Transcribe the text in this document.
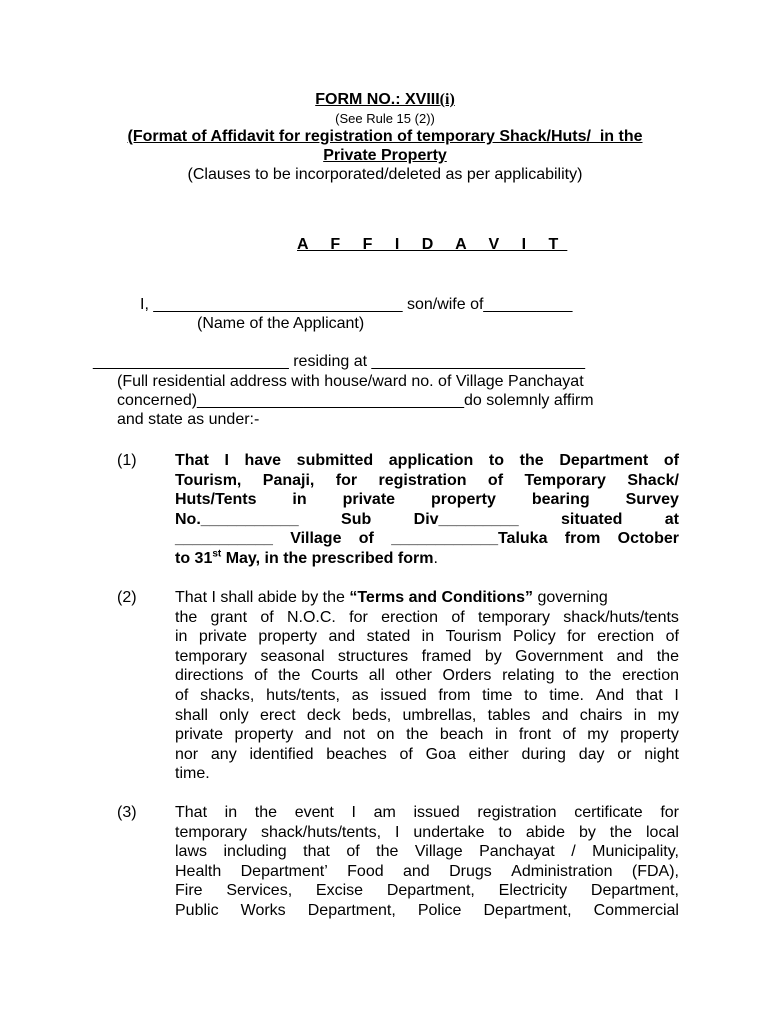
FORM NO.: XVIII(i)
(See Rule 15 (2))
(Format of Affidavit for registration of temporary Shack/Huts/  in the
Private Property
(Clauses to be incorporated/deleted as per applicability)
A F F I D A V I T
I, ____________________________ son/wife of__________
(Name of the Applicant)
______________________ residing at ________________________
(Full residential address with house/ward no. of Village Panchayat
concerned)______________________________do solemnly affirm
and state as under:-
(1) That I have submitted application to the Department of
Tourism, Panaji, for registration of Temporary Shack/
Huts/Tents in private property bearing Survey
No.___________	Sub	Div_________	situated	at
___________ Village of ____________Taluka from October
to 31st May, in the prescribed form.
(2) That I shall abide by the “Terms and Conditions” governing
the grant of N.O.C. for erection of temporary shack/huts/tents
in private property and stated in Tourism Policy for erection of
temporary seasonal structures framed by Government and the
directions of the Courts all other Orders relating to the erection
of shacks, huts/tents, as issued from time to time. And that I
shall only erect deck beds, umbrellas, tables and chairs in my
private property and not on the beach in front of my property
nor any identified beaches of Goa either during day or night
time.
(3) That in the event I am issued registration certificate for
temporary shack/huts/tents, I undertake to abide by the local
laws including that of the Village Panchayat / Municipality,
Health Department’ Food and Drugs Administration (FDA),
Fire Services, Excise Department, Electricity Department,
Public Works Department, Police Department, Commercial
